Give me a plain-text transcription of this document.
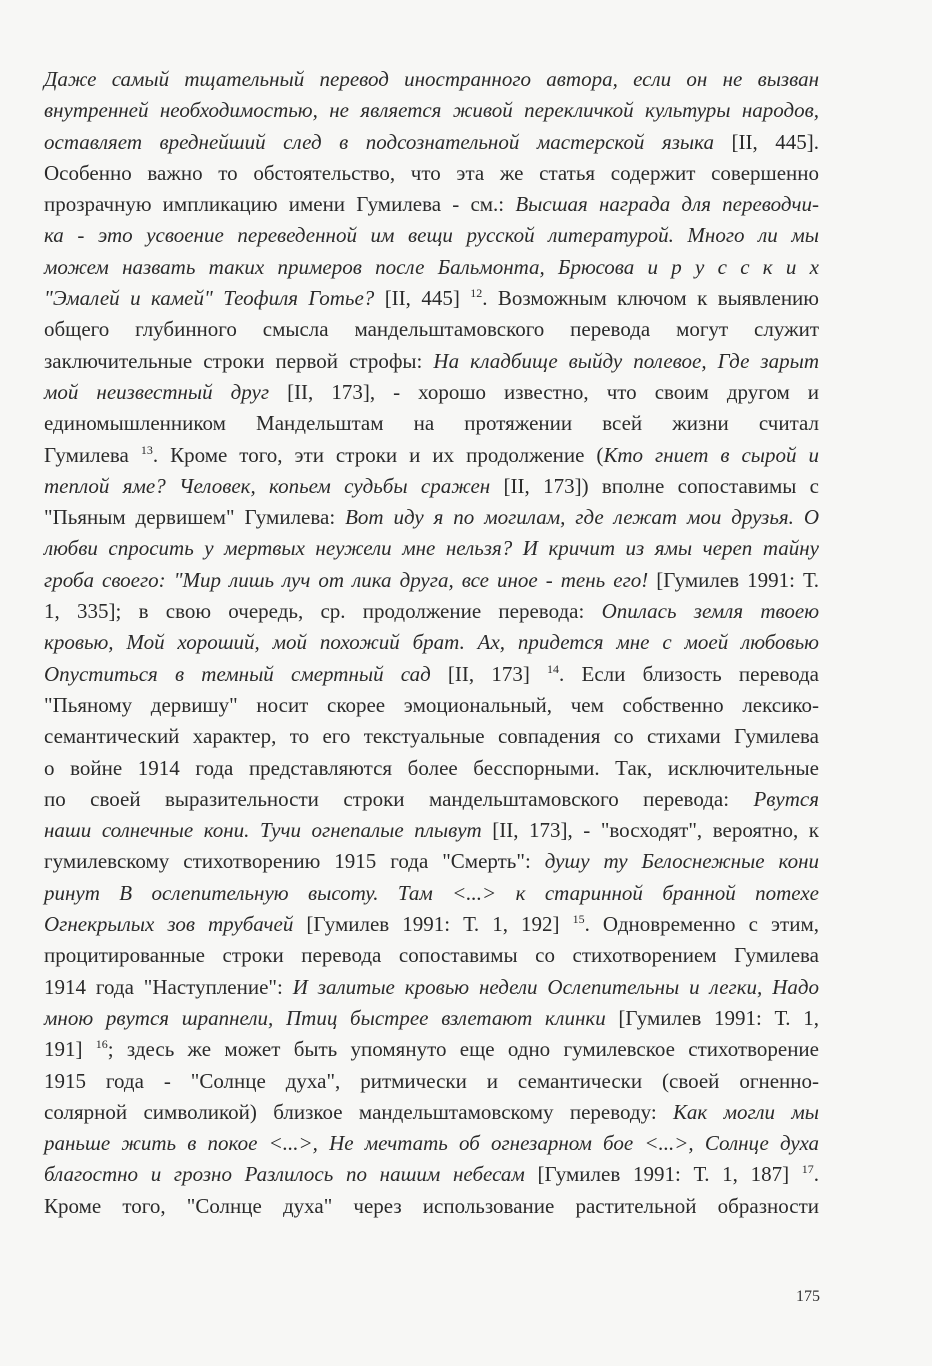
Даже самый тщательный перевод иностранного автора, если он не вызван
внутренней необходимостью, не является живой перекличкой культуры народов,
оставляет вреднейший след в подсознательной мастерской языка [II, 445].
Особенно важно то обстоятельство, что эта же статья содержит совершенно
прозрачную импликацию имени Гумилева - см.: Высшая награда для переводчи-
ка - это усвоение переведенной им вещи русской литературой. Много ли мы
можем назвать таких примеров после Бальмонта, Брюсова и р у с с к и х
"Эмалей и камей" Теофиля Готье? [II, 445] $^{12}$. Возможным ключом к выявлению
общего глубинного смысла мандельштамовского перевода могут служит
заключительные строки первой строфы: На кладбище выйду полевое, Где зарыт
мой неизвестный друг [II, 173], - хорошо известно, что своим другом и
единомышленником Мандельштам на протяжении всей жизни считал
Гумилева $^{13}$. Кроме того, эти строки и их продолжение (Кто гниет в сырой и
теплой яме? Человек, копьем судьбы сражен [II, 173]) вполне сопоставимы с
"Пьяным дервишем" Гумилева: Вот иду я по могилам, где лежат мои друзья. О
любви спросить у мертвых неужели мне нельзя? И кричит из ямы череп тайну
гроба своего: "Мир лишь луч от лика друга, все иное - тень его! [Гумилев 1991: Т.
1, 335]; в свою очередь, ср. продолжение перевода: Опилась земля твоею
кровью, Мой хороший, мой похожий брат. Ах, придется мне с моей любовью
Опуститься в темный смертный сад [II, 173] $^{14}$. Если близость перевода
"Пьяному дервишу" носит скорее эмоциональный, чем собственно лексико-
семантический характер, то его текстуальные совпадения со стихами Гумилева
о войне 1914 года представляются более бесспорными. Так, исключительные
по своей выразительности строки мандельштамовского перевода: Рвутся
наши солнечные кони. Тучи огнепалые плывут [II, 173], - "восходят", вероятно, к
гумилевскому стихотворению 1915 года "Смерть": душу ту Белоснежные кони
ринут В ослепительную высоту. Там <...> к старинной бранной потехе
Огнекрылых зов трубачей [Гумилев 1991: Т. 1, 192] $^{15}$. Одновременно с этим,
процитированные строки перевода сопоставимы со стихотворением Гумилева
1914 года "Наступление": И залитые кровью недели Ослепительны и легки, Надо
мною рвутся шрапнели, Птиц быстрее взлетают клинки [Гумилев 1991: Т. 1,
191] $^{16}$; здесь же может быть упомянуто еще одно гумилевское стихотворение
1915 года - "Солнце духа", ритмически и семантически (своей огненно-
солярной символикой) близкое мандельштамовскому переводу: Как могли мы
раньше жить в покое <...>, Не мечтать об огнезарном бое <...>, Солнце духа
благостно и грозно Разлилось по нашим небесам [Гумилев 1991: Т. 1, 187] $^{17}$.
Кроме того, "Солнце духа" через использование растительной образности
175
